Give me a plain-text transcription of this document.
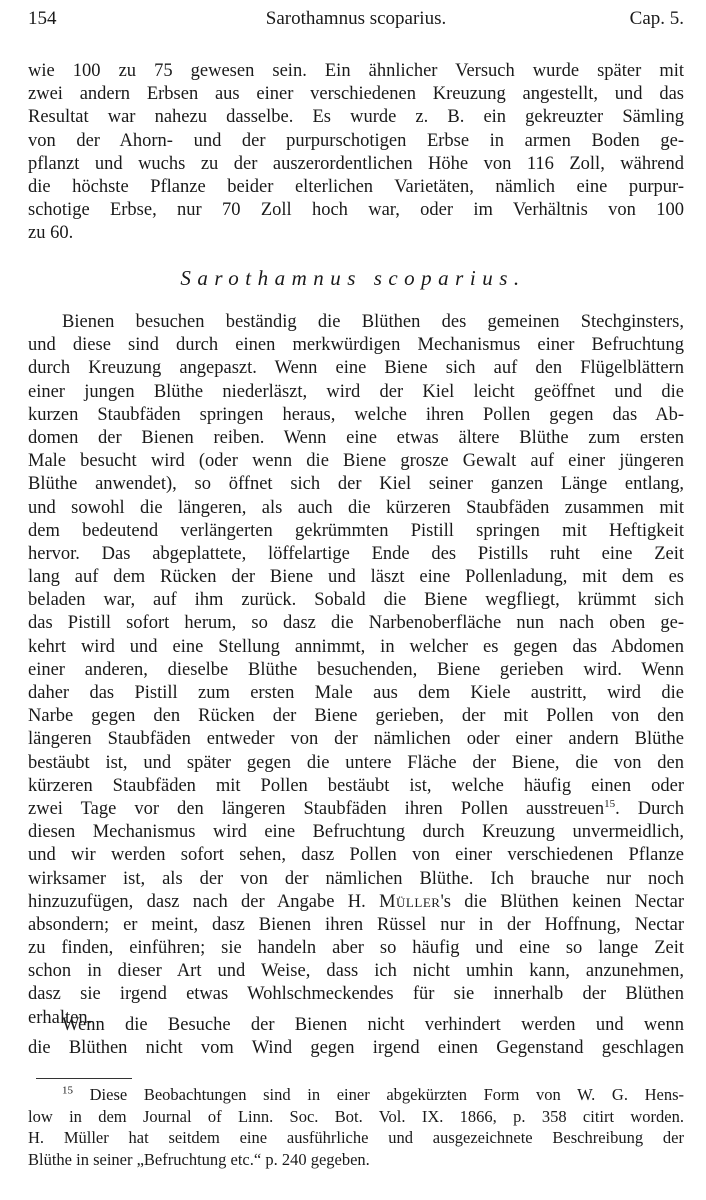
154	Sarothamnus scoparius.	Cap. 5.
wie 100 zu 75 gewesen sein. Ein ähnlicher Versuch wurde später mit
zwei andern Erbsen aus einer verschiedenen Kreuzung angestellt, und das
Resultat war nahezu dasselbe. Es wurde z. B. ein gekreuzter Sämling
von der Ahorn- und der purpurschotigen Erbse in armen Boden ge-
pflanzt und wuchs zu der auszerordentlichen Höhe von 116 Zoll, während
die höchste Pflanze beider elterlichen Varietäten, nämlich eine purpur-
schotige Erbse, nur 70 Zoll hoch war, oder im Verhältnis von 100
zu 60.
Sarothamnus scoparius.
Bienen besuchen beständig die Blüthen des gemeinen Stechginsters,
und diese sind durch einen merkwürdigen Mechanismus einer Befruchtung
durch Kreuzung angepaszt. Wenn eine Biene sich auf den Flügelblättern
einer jungen Blüthe niederläszt, wird der Kiel leicht geöffnet und die
kurzen Staubfäden springen heraus, welche ihren Pollen gegen das Ab-
domen der Bienen reiben. Wenn eine etwas ältere Blüthe zum ersten
Male besucht wird (oder wenn die Biene grosze Gewalt auf einer jüngeren
Blüthe anwendet), so öffnet sich der Kiel seiner ganzen Länge entlang,
und sowohl die längeren, als auch die kürzeren Staubfäden zusammen mit
dem bedeutend verlängerten gekrümmten Pistill springen mit Heftigkeit
hervor. Das abgeplattete, löffelartige Ende des Pistills ruht eine Zeit
lang auf dem Rücken der Biene und läszt eine Pollenladung, mit dem es
beladen war, auf ihm zurück. Sobald die Biene wegfliegt, krümmt sich
das Pistill sofort herum, so dasz die Narbenoberfläche nun nach oben ge-
kehrt wird und eine Stellung annimmt, in welcher es gegen das Abdomen
einer anderen, dieselbe Blüthe besuchenden, Biene gerieben wird. Wenn
daher das Pistill zum ersten Male aus dem Kiele austritt, wird die
Narbe gegen den Rücken der Biene gerieben, der mit Pollen von den
längeren Staubfäden entweder von der nämlichen oder einer andern Blüthe
bestäubt ist, und später gegen die untere Fläche der Biene, die von den
kürzeren Staubfäden mit Pollen bestäubt ist, welche häufig einen oder
zwei Tage vor den längeren Staubfäden ihren Pollen ausstreuen$^{15}$. Durch
diesen Mechanismus wird eine Befruchtung durch Kreuzung unvermeidlich,
und wir werden sofort sehen, dasz Pollen von einer verschiedenen Pflanze
wirksamer ist, als der von der nämlichen Blüthe. Ich brauche nur noch
hinzuzufügen, dasz nach der Angabe H. Müller's die Blüthen keinen Nectar
absondern; er meint, dasz Bienen ihren Rüssel nur in der Hoffnung, Nectar
zu finden, einführen; sie handeln aber so häufig und eine so lange Zeit
schon in dieser Art und Weise, dass ich nicht umhin kann, anzunehmen,
dasz sie irgend etwas Wohlschmeckendes für sie innerhalb der Blüthen
erhalten.
Wenn die Besuche der Bienen nicht verhindert werden und wenn
die Blüthen nicht vom Wind gegen irgend einen Gegenstand geschlagen
$^{15}$ Diese Beobachtungen sind in einer abgekürzten Form von W. G. Hens-
low in dem Journal of Linn. Soc. Bot. Vol. IX. 1866, p. 358 citirt worden.
H. Müller hat seitdem eine ausführliche und ausgezeichnete Beschreibung der
Blüthe in seiner „Befruchtung etc.“ p. 240 gegeben.
